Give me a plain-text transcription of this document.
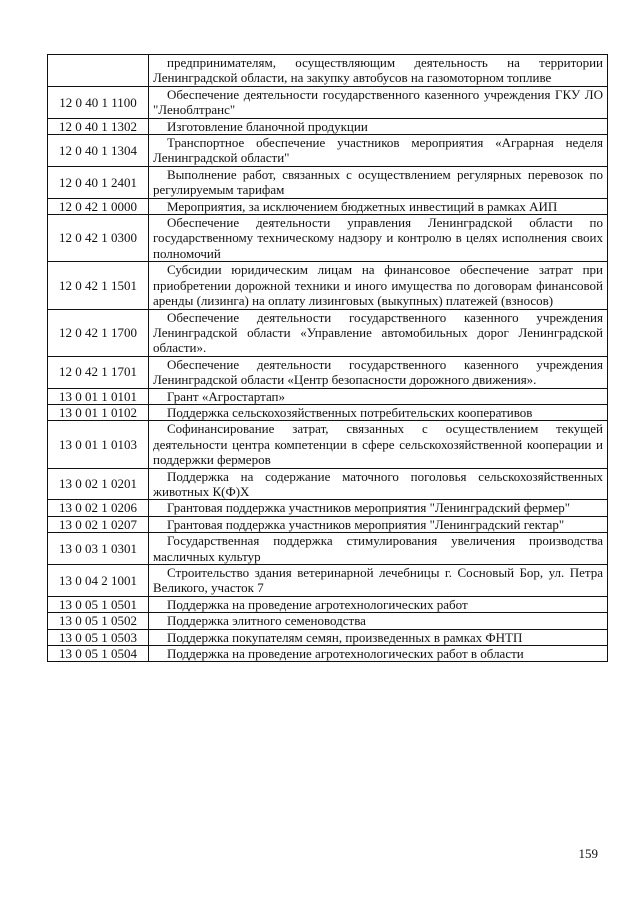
	предпринимателям, осуществляющим деятельность на территории Ленинградской области, на закупку автобусов на газомоторном топливе
12 0 40 1 1100	Обеспечение деятельности государственного казенного учреждения ГКУ ЛО "Леноблтранс"
12 0 40 1 1302	Изготовление бланочной продукции
12 0 40 1 1304	Транспортное обеспечение участников мероприятия «Аграрная неделя Ленинградской области"
12 0 40 1 2401	Выполнение работ, связанных с осуществлением регулярных перевозок по регулируемым тарифам
12 0 42 1 0000	Мероприятия, за исключением бюджетных инвестиций в рамках АИП
12 0 42 1 0300	Обеспечение деятельности управления Ленинградской области по государственному техническому надзору и контролю в целях исполнения своих полномочий
12 0 42 1 1501	Субсидии юридическим лицам на финансовое обеспечение затрат при приобретении дорожной техники и иного имущества по договорам финансовой аренды (лизинга) на оплату лизинговых (выкупных) платежей (взносов)
12 0 42 1 1700	Обеспечение деятельности государственного казенного учреждения Ленинградской области «Управление автомобильных дорог Ленинградской области».
12 0 42 1 1701	Обеспечение деятельности государственного казенного учреждения Ленинградской области «Центр безопасности дорожного движения».
13 0 01 1 0101	Грант «Агростартап»
13 0 01 1 0102	Поддержка сельскохозяйственных потребительских кооперативов
13 0 01 1 0103	Софинансирование затрат, связанных с осуществлением текущей деятельности центра компетенции в сфере сельскохозяйственной кооперации и поддержки фермеров
13 0 02 1 0201	Поддержка на содержание маточного поголовья сельскохозяйственных животных К(Ф)Х
13 0 02 1 0206	Грантовая поддержка участников мероприятия "Ленинградский фермер"
13 0 02 1 0207	Грантовая поддержка участников мероприятия "Ленинградский гектар"
13 0 03 1 0301	Государственная поддержка стимулирования увеличения производства масличных культур
13 0 04 2 1001	Строительство здания ветеринарной лечебницы г. Сосновый Бор, ул. Петра Великого, участок 7
13 0 05 1 0501	Поддержка на проведение агротехнологических работ
13 0 05 1 0502	Поддержка элитного семеноводства
13 0 05 1 0503	Поддержка покупателям семян, произведенных в рамках ФНТП
13 0 05 1 0504	Поддержка на проведение агротехнологических работ в области
159
